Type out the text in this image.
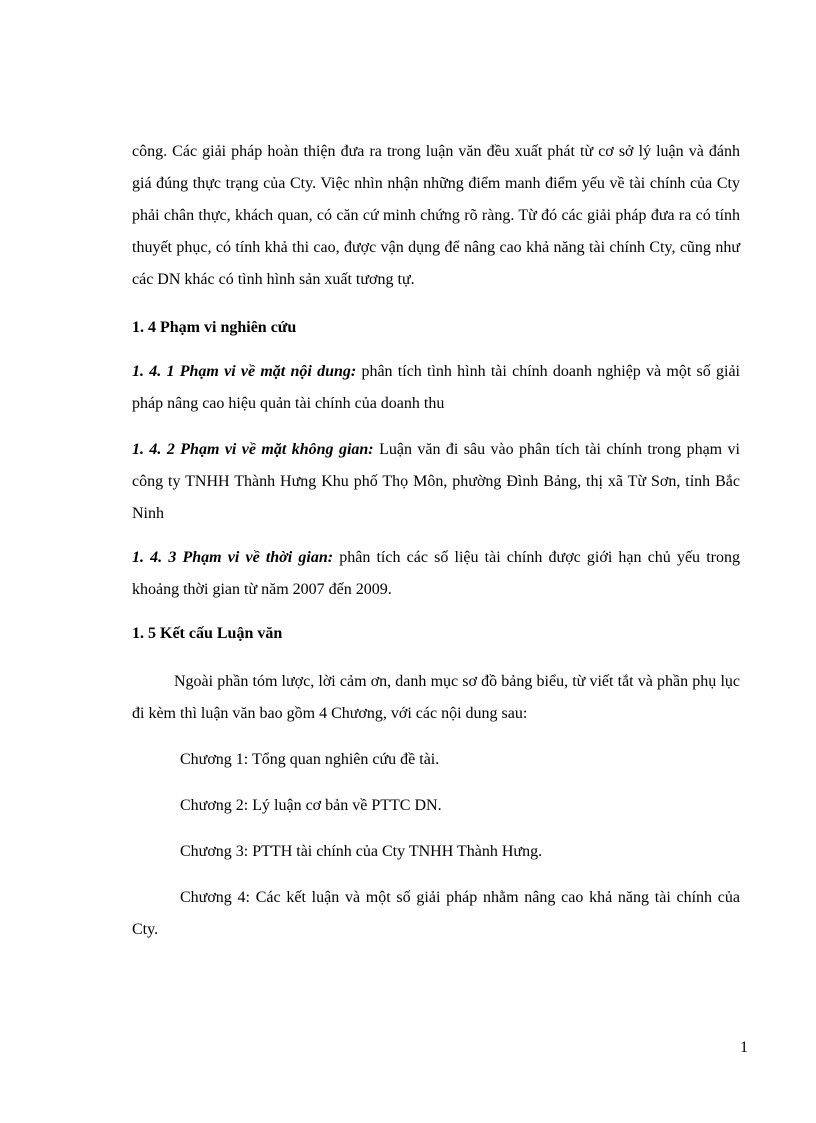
công. Các giải pháp hoàn thiện đưa ra trong luận văn đều xuất phát từ cơ sở lý luận và đánh giá đúng thực trạng của Cty. Việc nhìn nhận những điểm manh điểm yếu về tài chính của Cty phải chân thực, khách quan, có căn cứ minh chứng rõ ràng. Từ đó các giải pháp đưa ra có tính thuyết phục, có tính khả thi cao, được vận dụng để nâng cao khả năng tài chính Cty, cũng như các DN khác có tình hình sản xuất tương tự.

1. 4 Phạm vi nghiên cứu

1. 4. 1 Phạm vi về mặt nội dung: phân tích tình hình tài chính doanh nghiệp và một số giải pháp nâng cao hiệu quản tài chính của doanh thu

1. 4. 2 Phạm vi về mặt không gian: Luận văn đi sâu vào phân tích tài chính trong phạm vi công ty TNHH Thành Hưng Khu phố Thọ Môn, phường Đình Bảng, thị xã Từ Sơn, tỉnh Bắc Ninh

1. 4. 3 Phạm vi về thời gian: phân tích các số liệu tài chính được giới hạn chủ yếu trong khoảng thời gian từ năm 2007 đến 2009.

1. 5 Kết cấu Luận văn

Ngoài phần tóm lược, lời cảm ơn, danh mục sơ đồ bảng biểu, từ viết tắt và phần phụ lục đi kèm thì luận văn bao gồm 4 Chương, với các nội dung sau:

Chương 1: Tổng quan nghiên cứu đề tài.

Chương 2: Lý luận cơ bản về PTTC DN.

Chương 3: PTTH tài chính của Cty TNHH Thành Hưng.

Chương 4: Các kết luận và một số giải pháp nhằm nâng cao khả năng tài chính của Cty.

1
